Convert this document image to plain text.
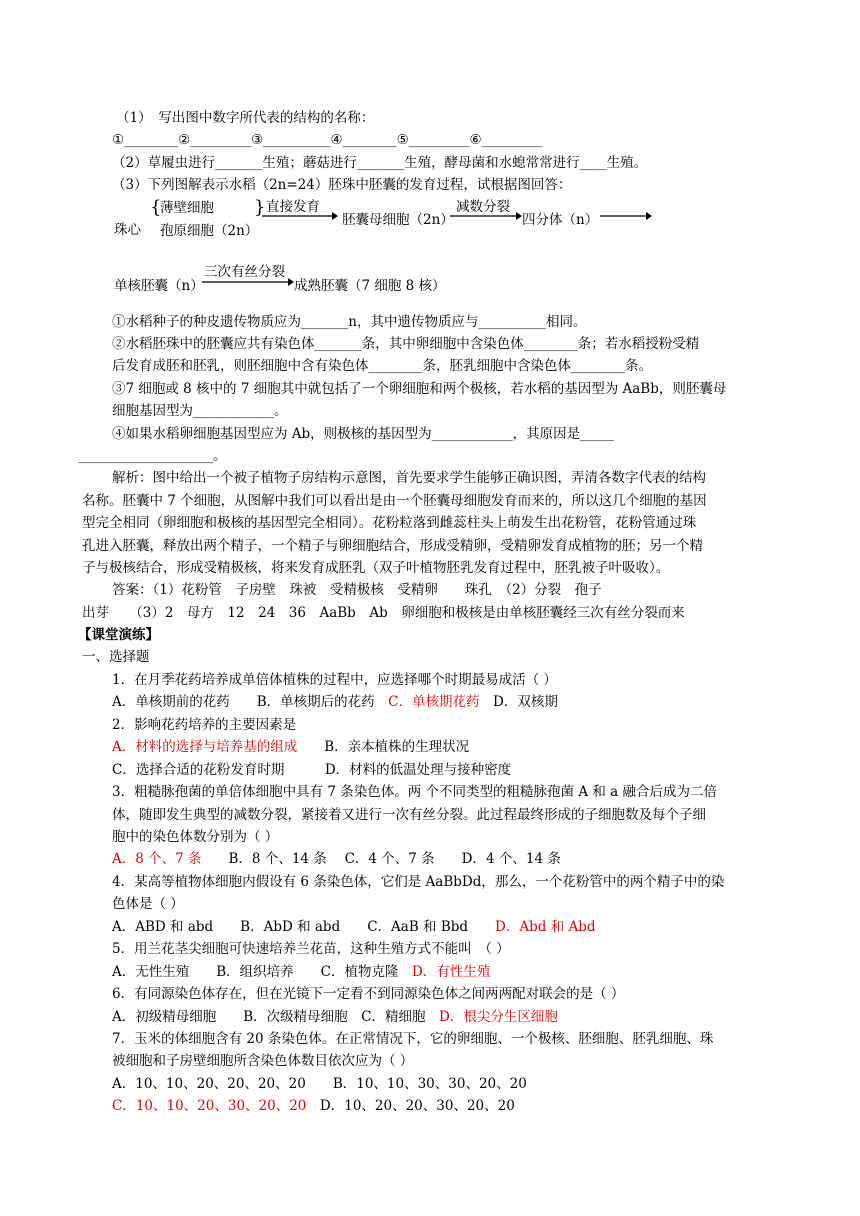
（1）　写出图中数字所代表的结构的名称：
①________②_________③__________④________⑤_________⑥_________
（2）草履虫进行_______生殖；蘑菇进行_______生殖，酵母菌和水螅常常进行____生殖。
（3）下列图解表示水稻（2n=24）胚珠中胚囊的发育过程，试根据图回答：
珠心
{
薄壁细胞
孢原细胞（2n）
} 直接发育
胚囊母细胞（2n）
减数分裂
四分体（n）
单核胚囊（n）
三次有丝分裂
成熟胚囊（7 细胞 8 核）
①水稻种子的种皮遗传物质应为_______n，其中遗传物质应与__________相同。
②水稻胚珠中的胚囊应共有染色体_______条，其中卵细胞中含染色体________条；若水稻授粉受精
后发育成胚和胚乳，则胚细胞中含有染色体________条，胚乳细胞中含染色体________条。
③7 细胞或 8 核中的 7 细胞其中就包括了一个卵细胞和两个极核，若水稻的基因型为 AaBb，则胚囊母
细胞基因型为____________。
④如果水稻卵细胞基因型应为 Ab，则极核的基因型为____________，其原因是_____
____________________。
解析：图中给出一个被子植物子房结构示意图，首先要求学生能够正确识图，弄清各数字代表的结构
名称。胚囊中 7 个细胞，从图解中我们可以看出是由一个胚囊母细胞发育而来的，所以这几个细胞的基因
型完全相同（卵细胞和极核的基因型完全相同）。花粉粒落到雌蕊柱头上萌发生出花粉管，花粉管通过珠
孔进入胚囊，释放出两个精子，一个精子与卵细胞结合，形成受精卵，受精卵发育成植物的胚；另一个精
子与极核结合，形成受精极核，将来发育成胚乳（双子叶植物胚乳发育过程中，胚乳被子叶吸收）。
答案：（1）花粉管　子房壁　珠被　受精极核　受精卵　　珠孔　（2）分裂　孢子
出芽　　（3）2　母方　12　24　36　AaBb　Ab　卵细胞和极核是由单核胚囊经三次有丝分裂而来
【课堂演练】
一、选择题
1．在月季花药培养成单倍体植株的过程中，应选择哪个时期最易成活（ ）
A．单核期前的花药　　B．单核期后的花药　 C．单核期花药　 D．双核期
2．影响花药培养的主要因素是
A．材料的选择与培养基的组成　　 B．亲本植株的生理状况
C．选择合适的花粉发育时期　　　D．材料的低温处理与接种密度
3．粗糙脉孢菌的单倍体细胞中具有 7 条染色体。两 个不同类型的粗糙脉孢菌 A 和 a 融合后成为二倍
体，随即发生典型的减数分裂，紧接着又进行一次有丝分裂。此过程最终形成的子细胞数及每个子细
胞中的染色体数分别为（ ）
A．8 个、7 条　　 B．8 个、14 条　 C．4 个、7 条　　D．4 个、14 条
4．某高等植物体细胞内假设有 6 条染色体，它们是 AaBbDd，那么，一个花粉管中的两个精子中的染
色体是（ ）
A．ABD 和 abd　　B．AbD 和 abd　　C．AaB 和 Bbd　　 D．Abd 和 Abd
5．用兰花茎尖细胞可快速培养兰花苗，这种生殖方式不能叫　（ ）
A．无性生殖　　B．组织培养　　C．植物克隆　 D．有性生殖
6．有同源染色体存在，但在光镜下一定看不到同源染色体之间两两配对联会的是（ ）
A．初级精母细胞　　B．次级精母细胞　C．精细胞　 D．根尖分生区细胞
7．玉米的体细胞含有 20 条染色体。在正常情况下，它的卵细胞、一个极核、胚细胞、胚乳细胞、珠
被细胞和子房壁细胞所含染色体数目依次应为（ ）
A．10、10、20、20、20、20　　B．10、10、30、30、20、20
C．10、10、20、30、20、20　 D．10、20、20、30、20、20
